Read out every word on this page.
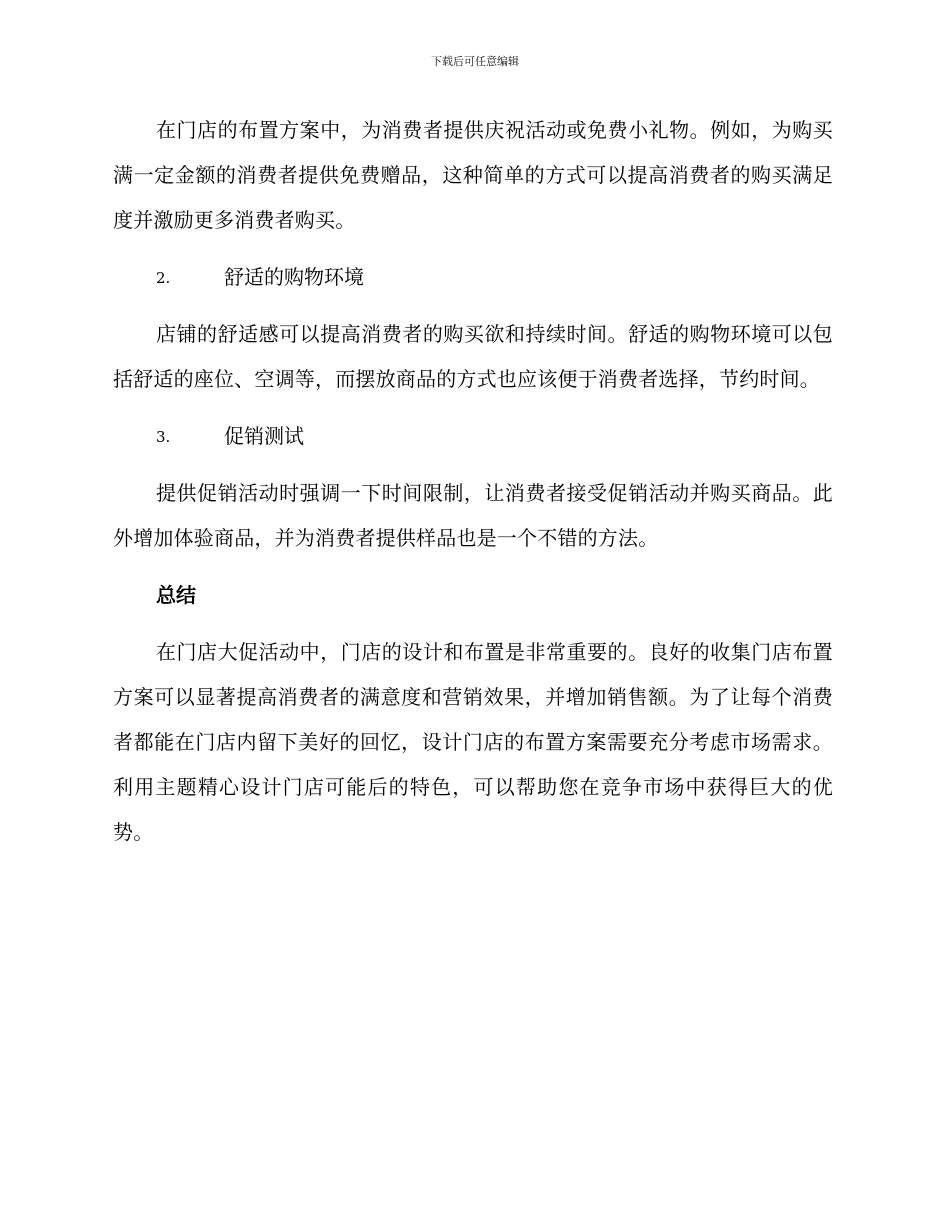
下载后可任意编辑

在门店的布置方案中，为消费者提供庆祝活动或免费小礼物。例如，为购买满一定金额的消费者提供免费赠品，这种简单的方式可以提高消费者的购买满足度并激励更多消费者购买。

2.	舒适的购物环境

店铺的舒适感可以提高消费者的购买欲和持续时间。舒适的购物环境可以包括舒适的座位、空调等，而摆放商品的方式也应该便于消费者选择，节约时间。

3.	促销测试

提供促销活动时强调一下时间限制，让消费者接受促销活动并购买商品。此外增加体验商品，并为消费者提供样品也是一个不错的方法。

总结

在门店大促活动中，门店的设计和布置是非常重要的。良好的收集门店布置方案可以显著提高消费者的满意度和营销效果，并增加销售额。为了让每个消费者都能在门店内留下美好的回忆，设计门店的布置方案需要充分考虑市场需求。利用主题精心设计门店可能后的特色，可以帮助您在竞争市场中获得巨大的优势。
